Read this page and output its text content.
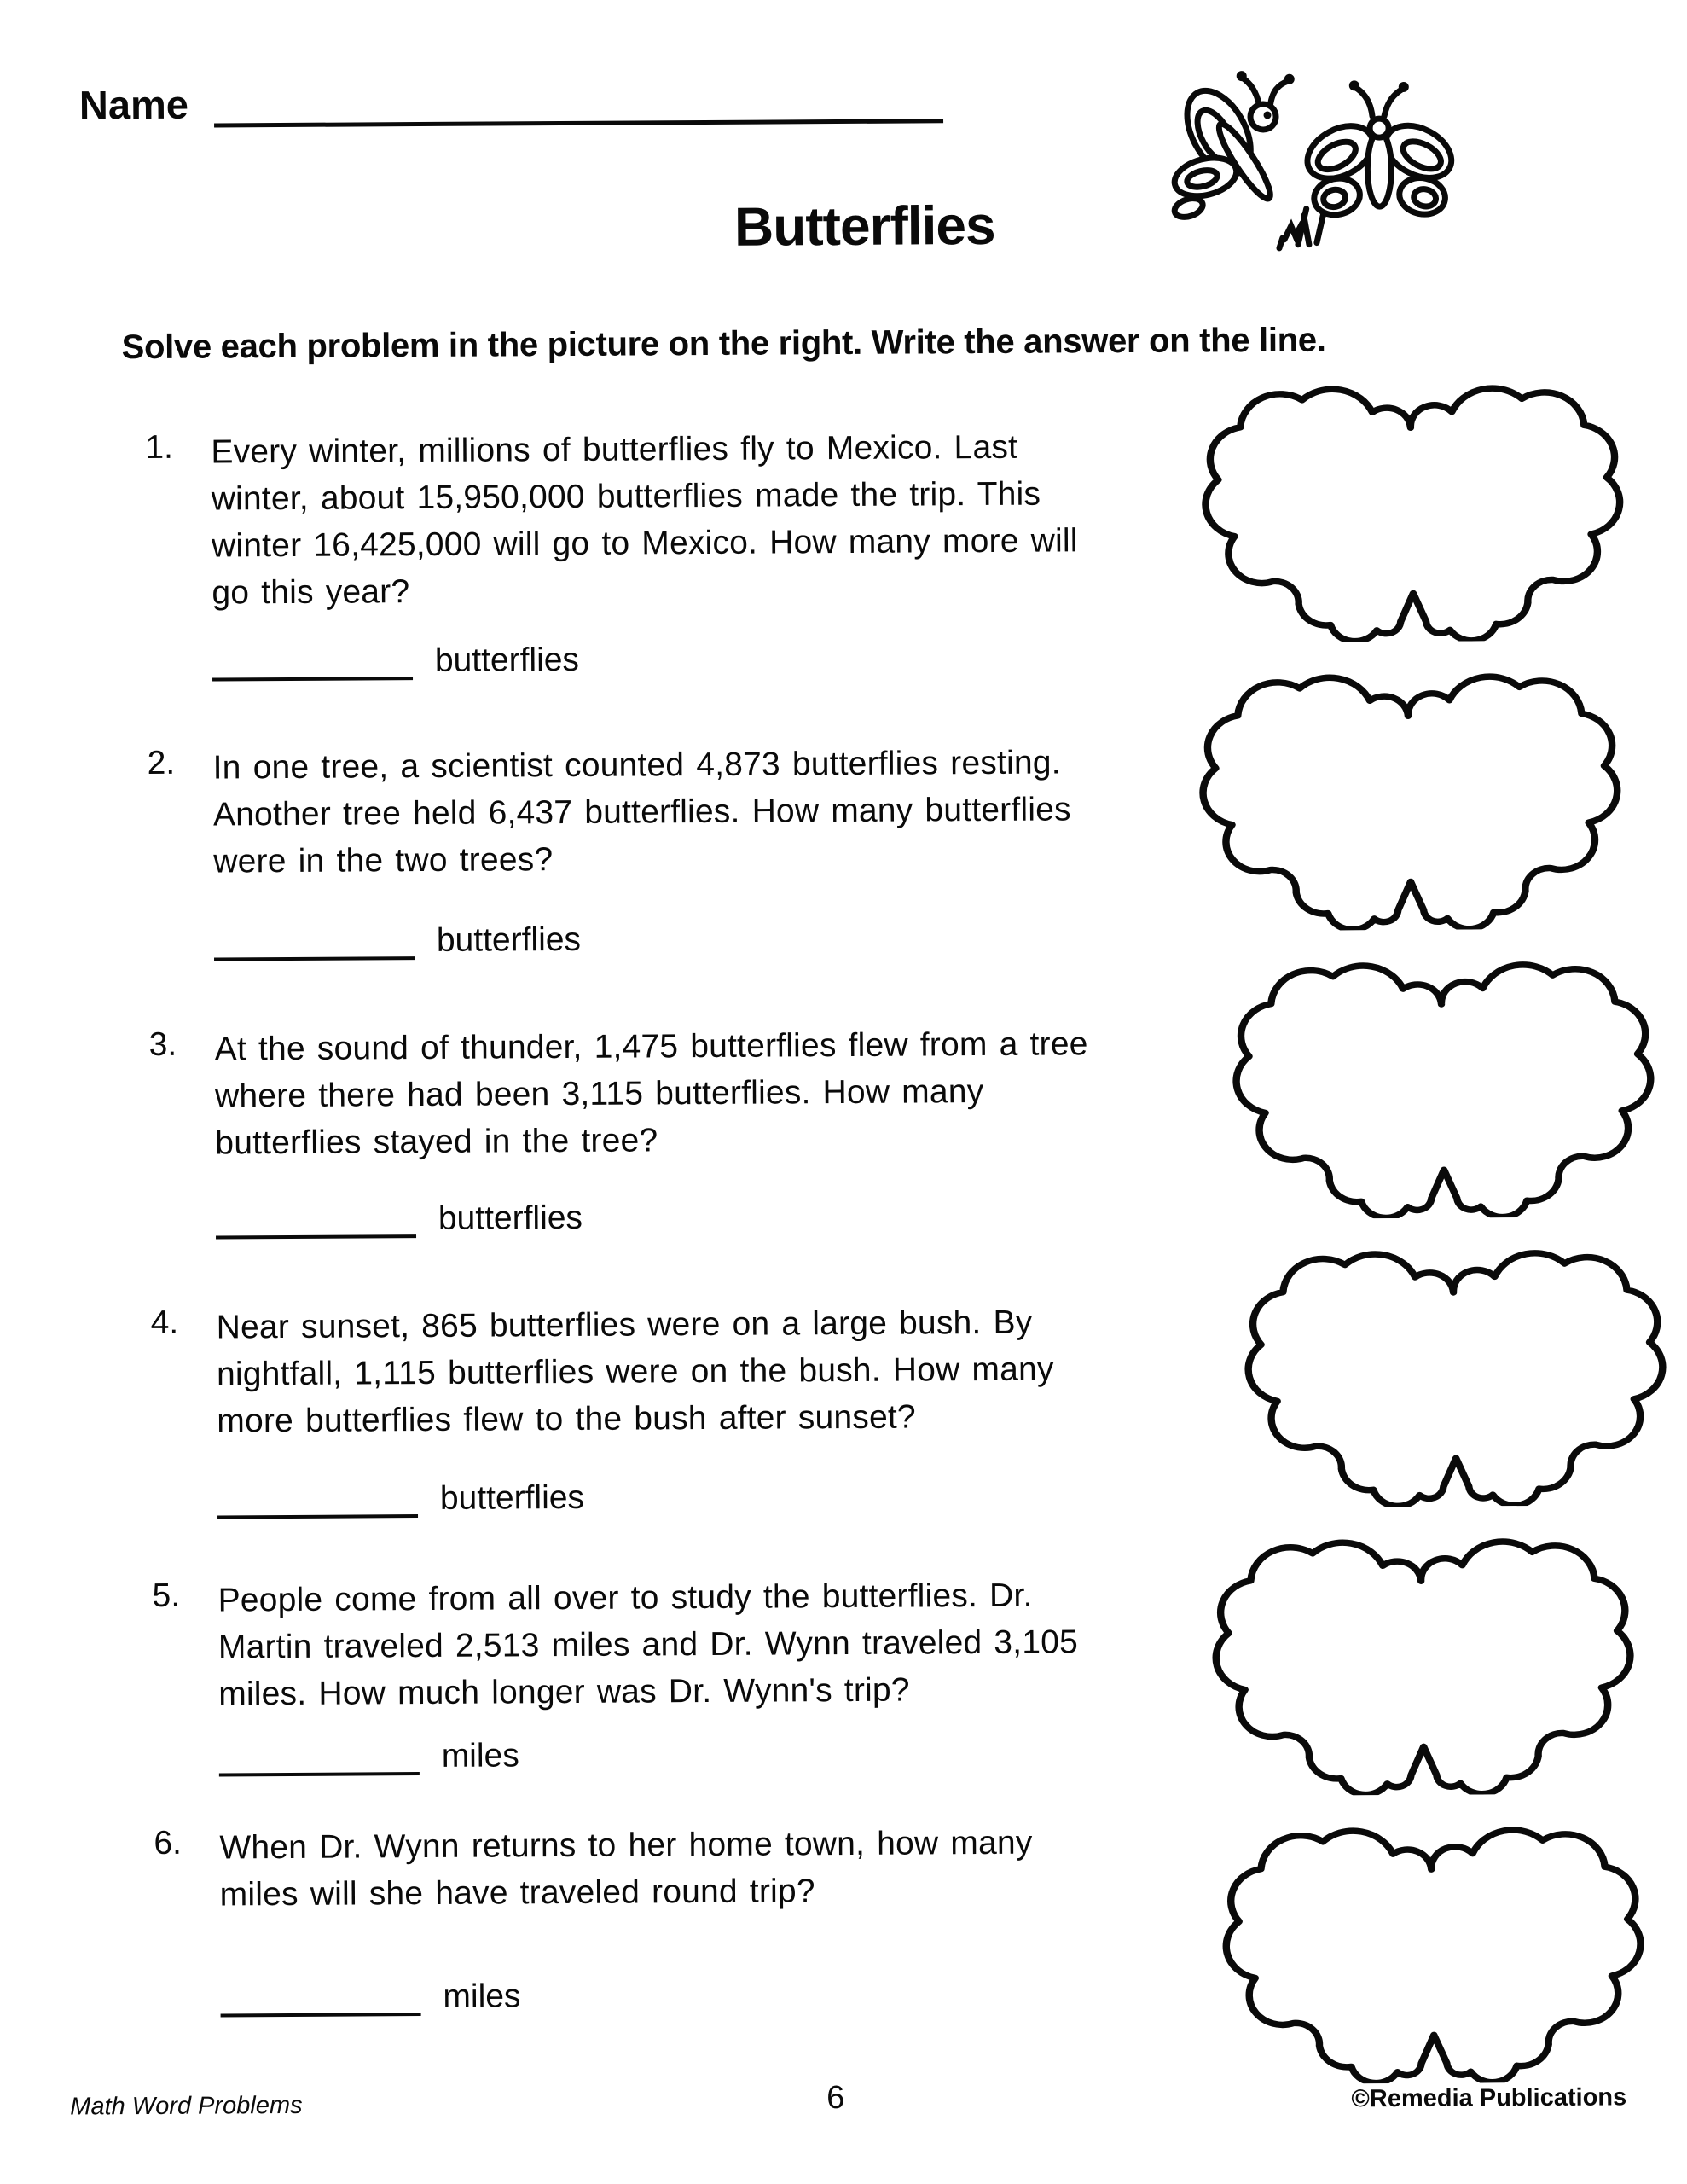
Name
Butterflies
Solve each problem in the picture on the right. Write the answer on the line.
1.	Every winter, millions of butterflies fly to Mexico. Last
winter, about 15,950,000 butterflies made the trip. This
winter 16,425,000 will go to Mexico. How many more will
go this year?
butterflies
2.	In one tree, a scientist counted 4,873 butterflies resting.
Another tree held 6,437 butterflies. How many butterflies
were in the two trees?
butterflies
3.	At the sound of thunder, 1,475 butterflies flew from a tree
where there had been 3,115 butterflies. How many
butterflies stayed in the tree?
butterflies
4.	Near sunset, 865 butterflies were on a large bush. By
nightfall, 1,115 butterflies were on the bush. How many
more butterflies flew to the bush after sunset?
butterflies
5.	People come from all over to study the butterflies. Dr.
Martin traveled 2,513 miles and Dr. Wynn traveled 3,105
miles. How much longer was Dr. Wynn's trip?
miles
6.	When Dr. Wynn returns to her home town, how many
miles will she have traveled round trip?
miles
Math Word Problems	6	©Remedia Publications
